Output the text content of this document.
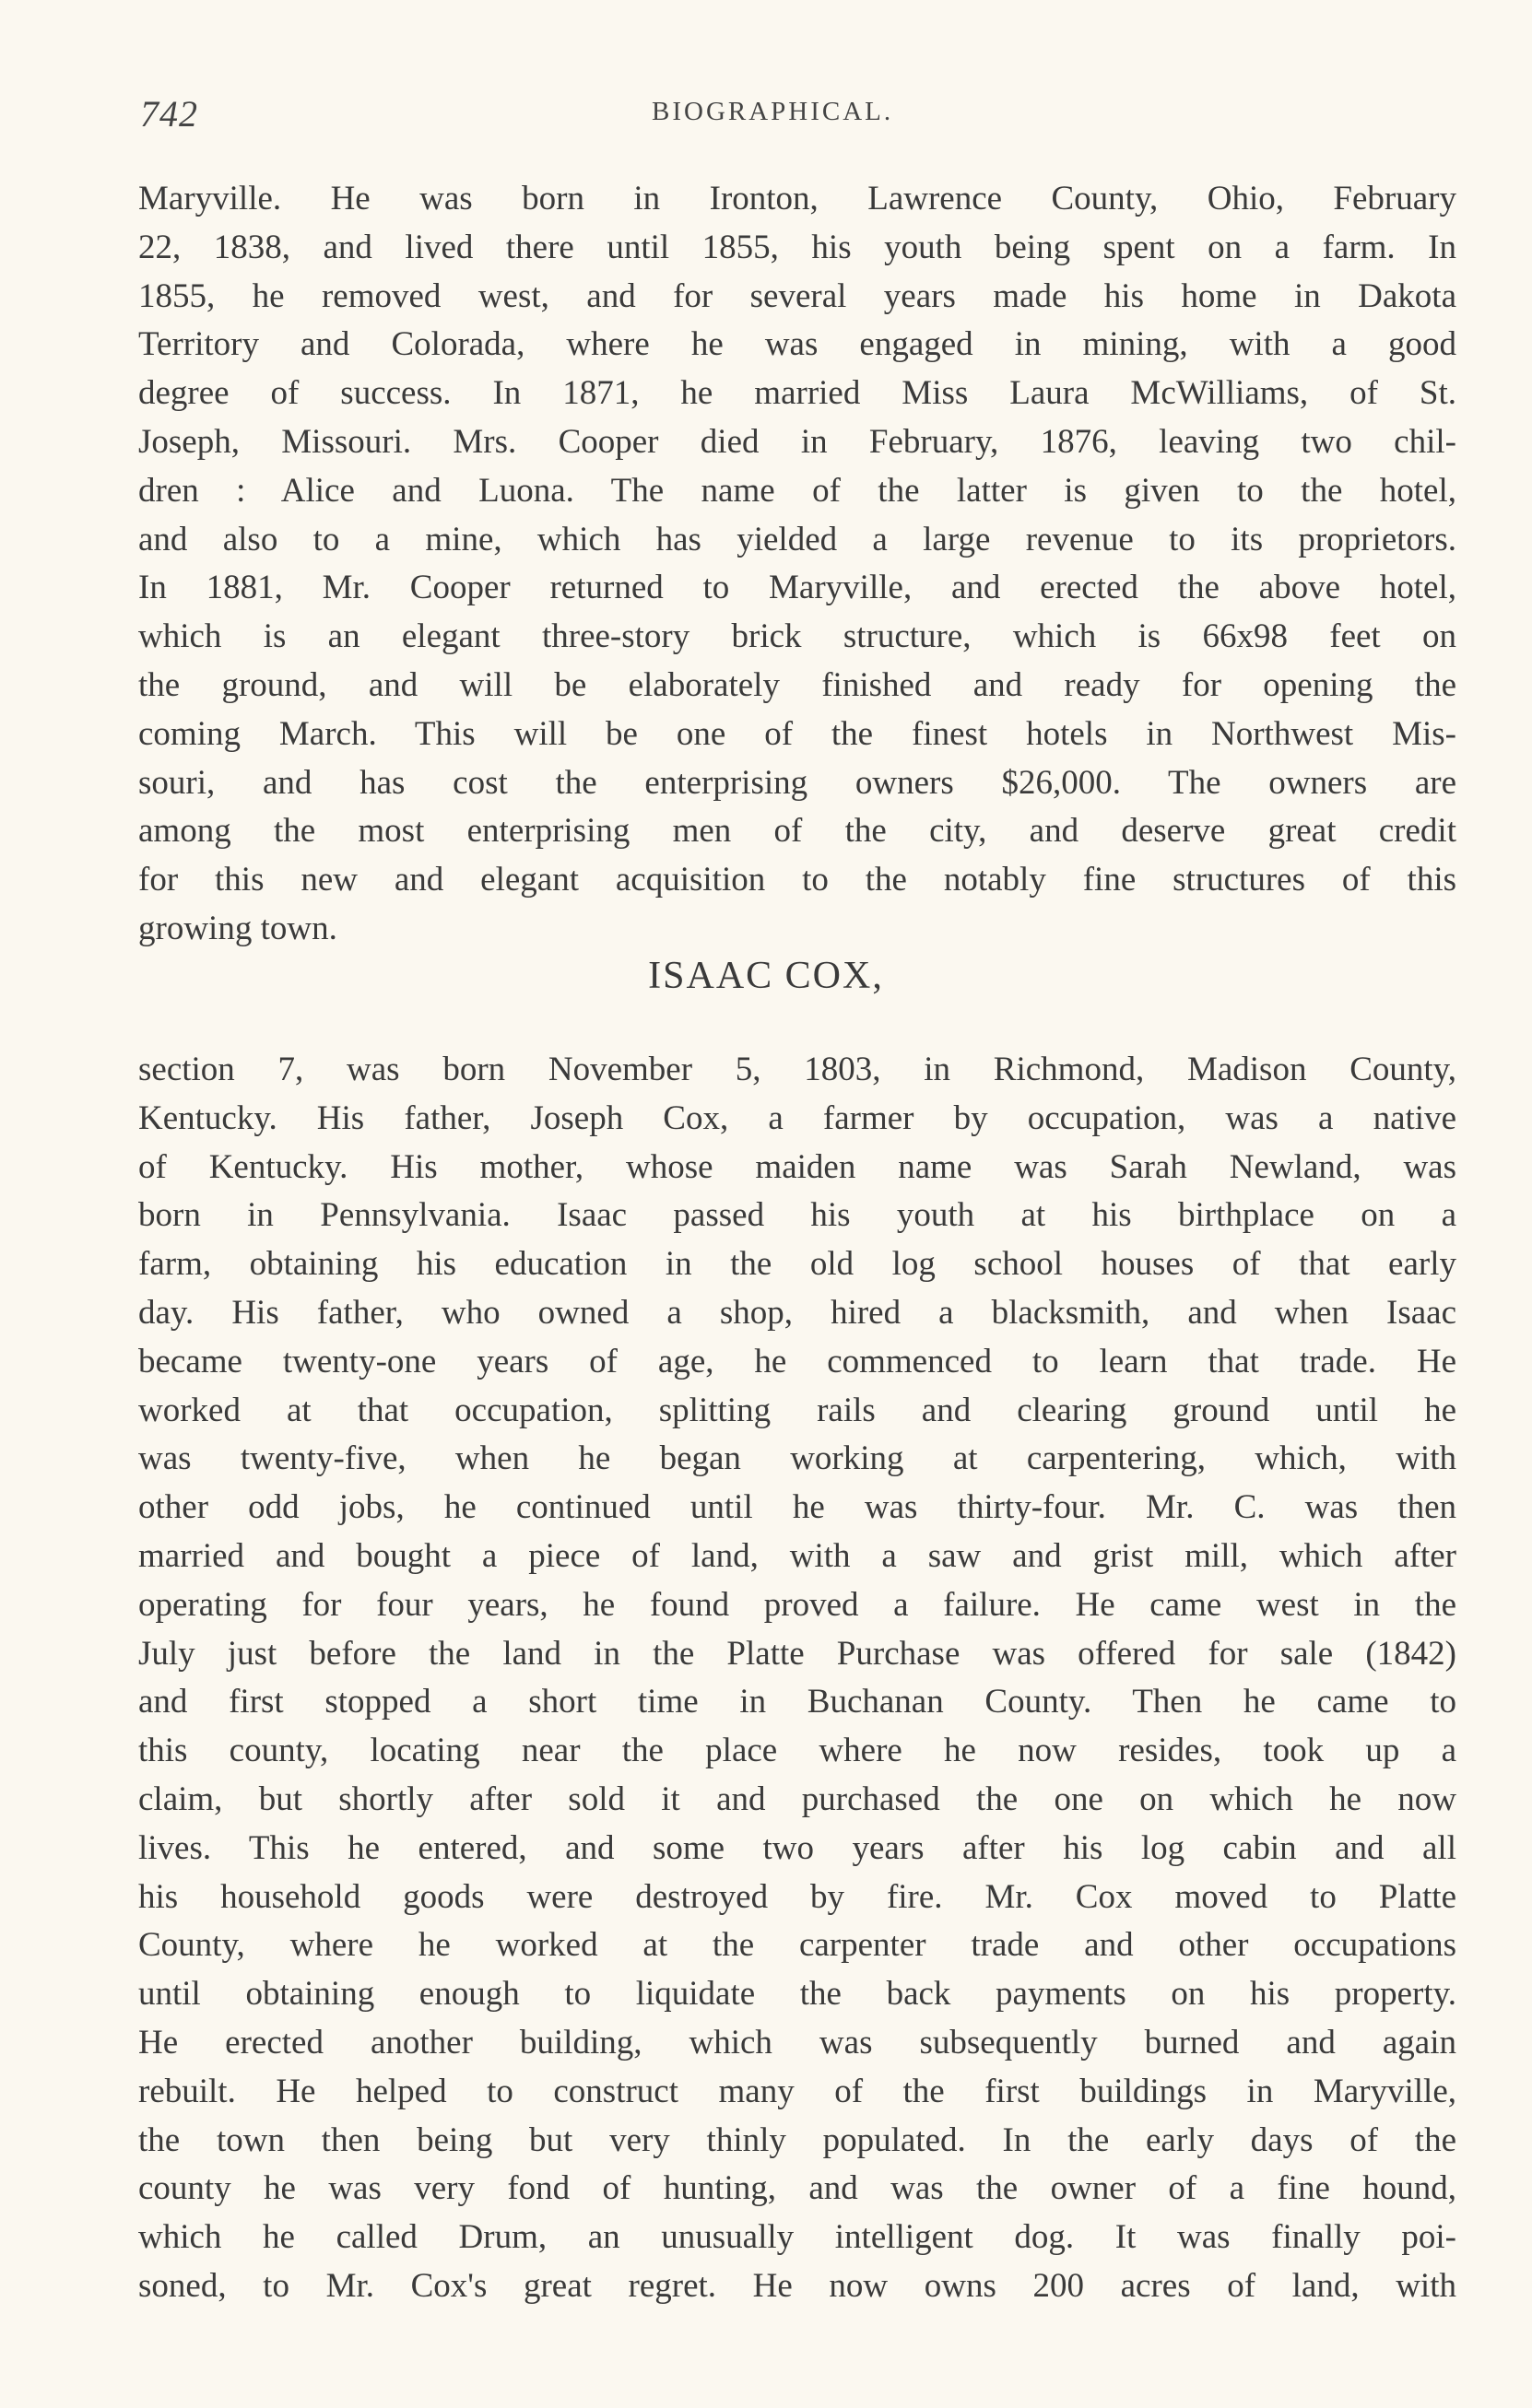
742	BIOGRAPHICAL.
Maryville. He was born in Ironton, Lawrence County, Ohio, February
22, 1838, and lived there until 1855, his youth being spent on a farm. In
1855, he removed west, and for several years made his home in Dakota
Territory and Colorada, where he was engaged in mining, with a good
degree of success. In 1871, he married Miss Laura McWilliams, of St.
Joseph, Missouri. Mrs. Cooper died in February, 1876, leaving two chil-
dren : Alice and Luona. The name of the latter is given to the hotel,
and also to a mine, which has yielded a large revenue to its proprietors.
In 1881, Mr. Cooper returned to Maryville, and erected the above hotel,
which is an elegant three-story brick structure, which is 66x98 feet on
the ground, and will be elaborately finished and ready for opening the
coming March. This will be one of the finest hotels in Northwest Mis-
souri, and has cost the enterprising owners $26,000. The owners are
among the most enterprising men of the city, and deserve great credit
for this new and elegant acquisition to the notably fine structures of this
growing town.
ISAAC COX,
section 7, was born November 5, 1803, in Richmond, Madison County,
Kentucky. His father, Joseph Cox, a farmer by occupation, was a native
of Kentucky. His mother, whose maiden name was Sarah Newland, was
born in Pennsylvania. Isaac passed his youth at his birthplace on a
farm, obtaining his education in the old log school houses of that early
day. His father, who owned a shop, hired a blacksmith, and when Isaac
became twenty-one years of age, he commenced to learn that trade. He
worked at that occupation, splitting rails and clearing ground until he
was twenty-five, when he began working at carpentering, which, with
other odd jobs, he continued until he was thirty-four. Mr. C. was then
married and bought a piece of land, with a saw and grist mill, which after
operating for four years, he found proved a failure. He came west in the
July just before the land in the Platte Purchase was offered for sale (1842)
and first stopped a short time in Buchanan County. Then he came to
this county, locating near the place where he now resides, took up a
claim, but shortly after sold it and purchased the one on which he now
lives. This he entered, and some two years after his log cabin and all
his household goods were destroyed by fire. Mr. Cox moved to Platte
County, where he worked at the carpenter trade and other occupations
until obtaining enough to liquidate the back payments on his property.
He erected another building, which was subsequently burned and again
rebuilt. He helped to construct many of the first buildings in Maryville,
the town then being but very thinly populated. In the early days of the
county he was very fond of hunting, and was the owner of a fine hound,
which he called Drum, an unusually intelligent dog. It was finally poi-
soned, to Mr. Cox's great regret. He now owns 200 acres of land, with
